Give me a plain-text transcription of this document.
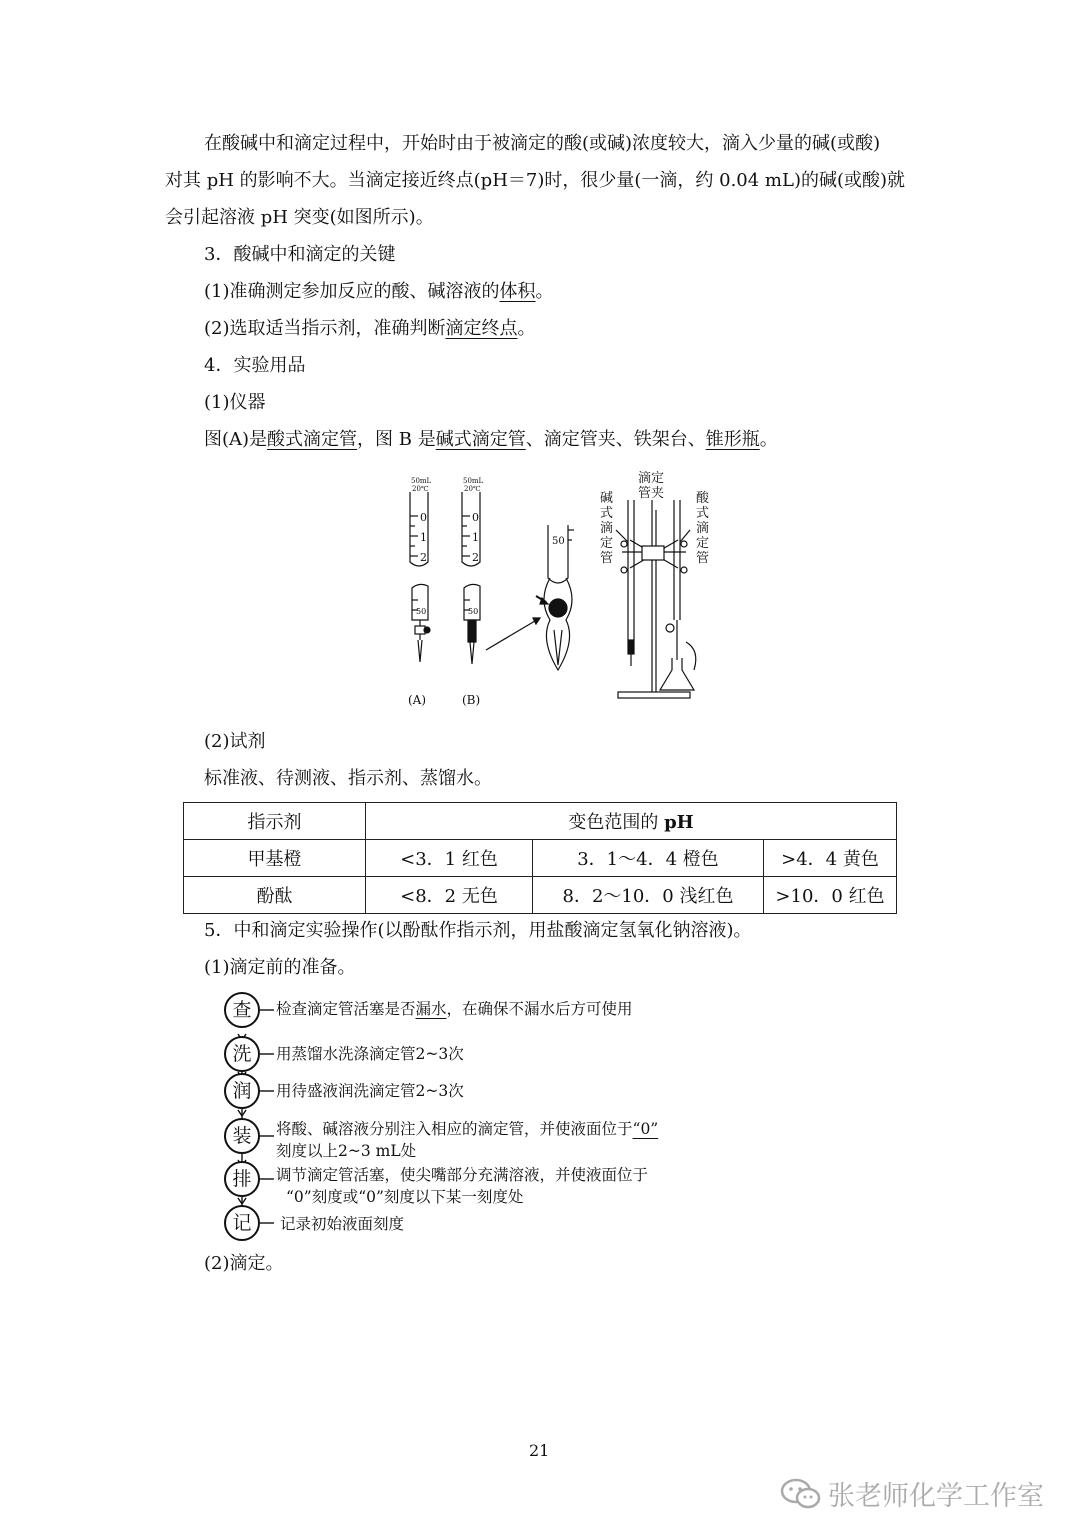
在酸碱中和滴定过程中，开始时由于被滴定的酸(或碱)浓度较大，滴入少量的碱(或酸)
对其 pH 的影响不大。当滴定接近终点(pH＝7)时，很少量(一滴，约 0.04 mL)的碱(或酸)就
会引起溶液 pH 突变(如图所示)。
3．酸碱中和滴定的关键
(1)准确测定参加反应的酸、碱溶液的体积。
(2)选取适当指示剂，准确判断滴定终点。
4．实验用品
(1)仪器
图(A)是酸式滴定管，图 B 是碱式滴定管、滴定管夹、铁架台、锥形瓶。
50mL
20℃
0
1
2
50
50mL
20℃
0
1
2
50
(A)	(B)
50
滴定
管夹
碱
式
滴
定
管
酸
式
滴
定
管
(2)试剂
标准液、待测液、指示剂、蒸馏水。
指示剂	变色范围的 pH		
甲基橙	<3．1 红色	3．1～4．4 橙色	>4．4 黄色
酚酞	<8．2 无色	8．2～10．0 浅红色	>10．0 红色
5．中和滴定实验操作(以酚酞作指示剂，用盐酸滴定氢氧化钠溶液)。
(1)滴定前的准备。
查
洗
润
装
排
记
检查滴定管活塞是否漏水，在确保不漏水后方可使用
用蒸馏水洗涤滴定管2~3次
用待盛液润洗滴定管2~3次
将酸、碱溶液分别注入相应的滴定管，并使液面位于“0”
刻度以上2~3 mL处
调节滴定管活塞，使尖嘴部分充满溶液，并使液面位于
“0”刻度或“0”刻度以下某一刻度处
记录初始液面刻度
(2)滴定。
21
张老师化学工作室
